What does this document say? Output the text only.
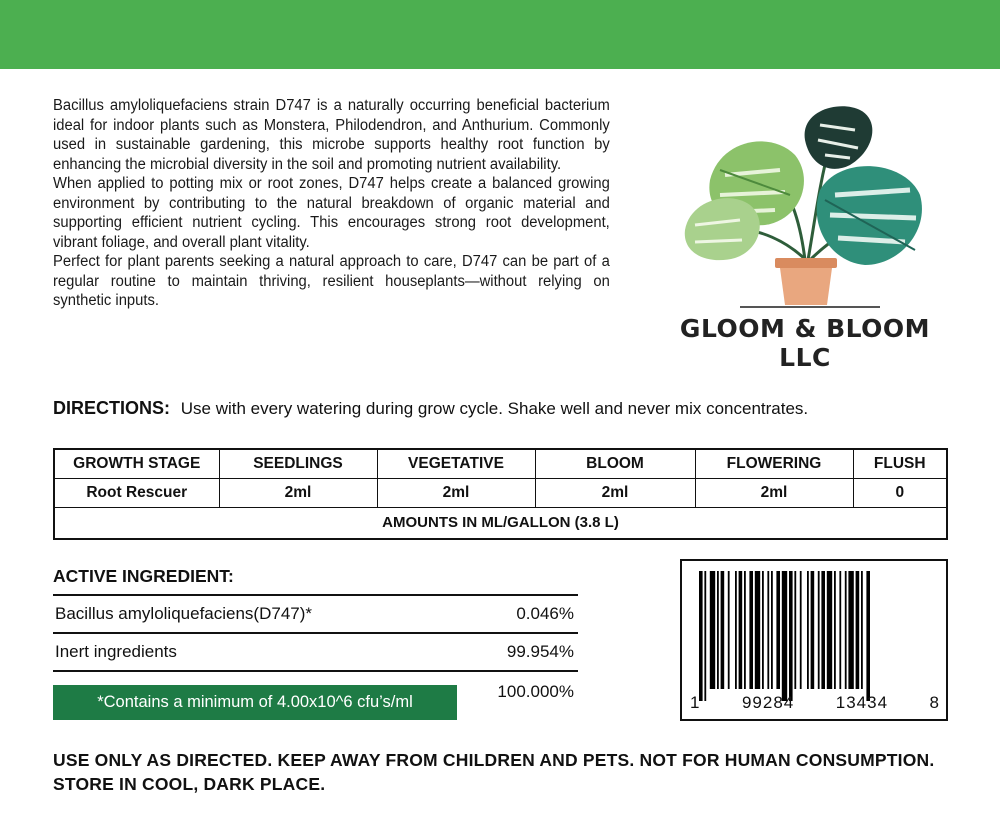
Bacillus amyloliquefaciens strain D747 is a naturally occurring beneficial bacterium ideal for indoor plants such as Monstera, Philodendron, and Anthurium. Commonly used in sustainable gardening, this microbe supports healthy root function by enhancing the microbial diversity in the soil and promoting nutrient availability.

When applied to potting mix or root zones, D747 helps create a balanced growing environment by contributing to the natural breakdown of organic material and supporting efficient nutrient cycling. This encourages strong root development, vibrant foliage, and overall plant vitality.

Perfect for plant parents seeking a natural approach to care, D747 can be part of a regular routine to maintain thriving, resilient houseplants—without relying on synthetic inputs.

GLOOM & BLOOM LLC
DIRECTIONS: Use with every watering during grow cycle. Shake well and never mix concentrates.
GROWTH STAGE	SEEDLINGS	VEGETATIVE	BLOOM	FLOWERING	FLUSH
Root Rescuer	2ml	2ml	2ml	2ml	0
AMOUNTS IN ML/GALLON (3.8 L)					
ACTIVE INGREDIENT:
Bacillus amyloliquefaciens(D747)*	0.046%
Inert ingredients	99.954%
100.000%
*Contains a minimum of 4.00x10^6 cfu’s/ml	1 99284 13434 8
USE ONLY AS DIRECTED. KEEP AWAY FROM CHILDREN AND PETS. NOT FOR HUMAN CONSUMPTION.
STORE IN COOL, DARK PLACE.
